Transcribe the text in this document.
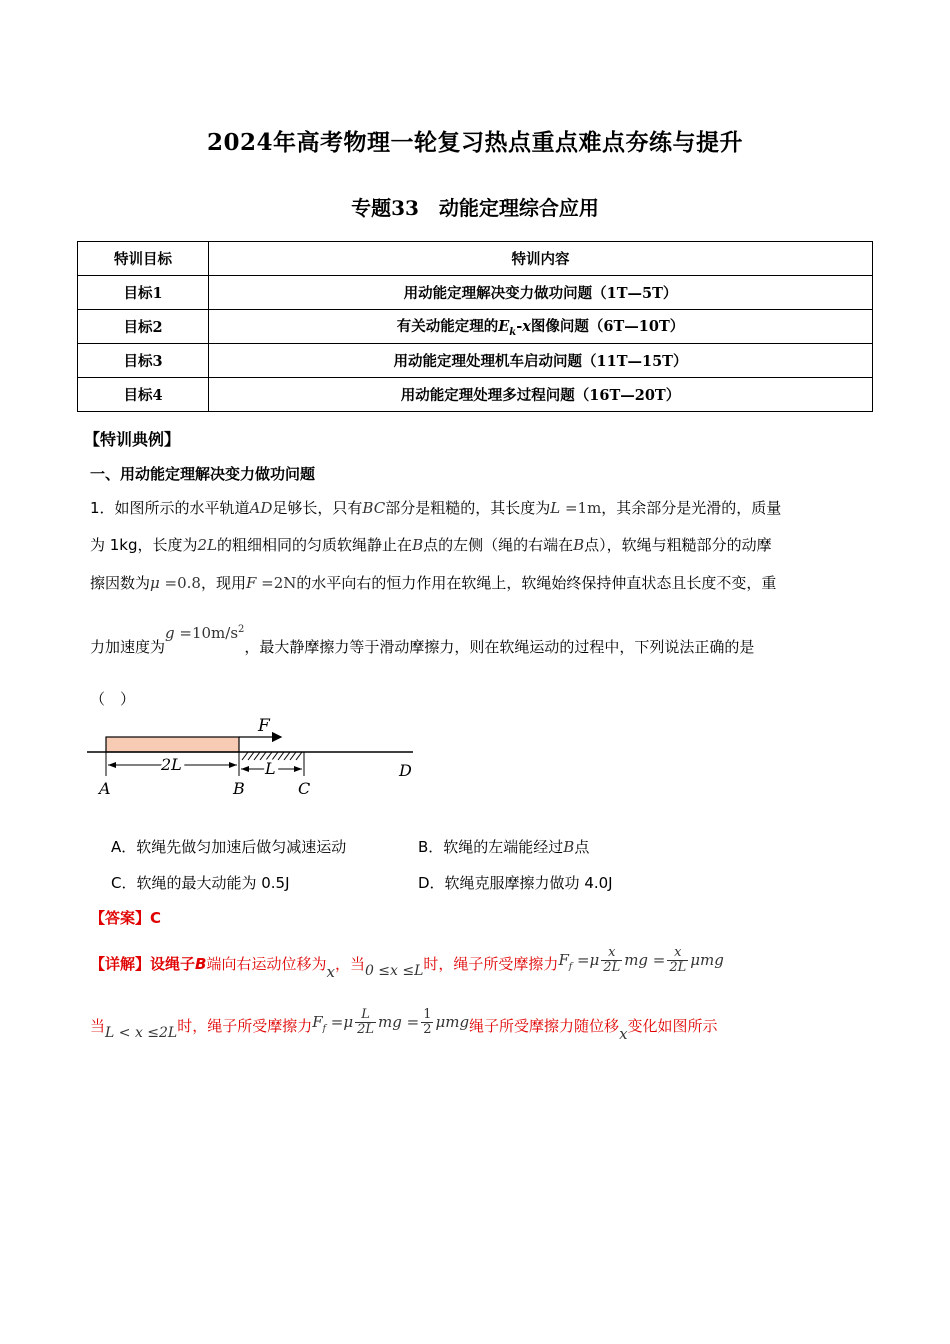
2024年高考物理一轮复习热点重点难点夯练与提升
专题33　动能定理综合应用
特训目标	特训内容
目标1	用动能定理解决变力做功问题（1T—5T）
目标2	有关动能定理的$E_k-x$图像问题（6T—10T）
目标3	用动能定理处理机车启动问题（11T—15T）
目标4	用动能定理处理多过程问题（16T—20T）
【特训典例】
一、用动能定理解决变力做功问题
1．如图所示的水平轨道AD足够长，只有BC部分是粗糙的，其长度为L =1m，其余部分是光滑的，质量
为 1kg，长度为2L的粗细相同的匀质软绳静止在B点的左侧（绳的右端在B点），软绳与粗糙部分的动摩
擦因数为μ =0.8，现用F =2N的水平向右的恒力作用在软绳上，软绳始终保持伸直状态且长度不变，重
力加速度为$g =10m/s^2$，最大静摩擦力等于滑动摩擦力，则在软绳运动的过程中，下列说法正确的是
（　）
F
2L	L
A	B	C
D
A．软绳先做匀加速后做匀减速运动	B．软绳的左端能经过B点
C．软绳的最大动能为 0.5J	D．软绳克服摩擦力做功 4.0J
【答案】C
【详解】设绳子B端向右运动位移为x，当0 ≤x ≤L时，绳子所受摩擦力$F_f =\mu \frac{x}{2L}$ mg = $\frac{x}{2L}$ μmg
当L < x ≤2L时，绳子所受摩擦力$F_f =\mu \frac{L}{2L}$ mg = $\frac{1}{2}$ μmg绳子所受摩擦力随位移x变化如图所示
